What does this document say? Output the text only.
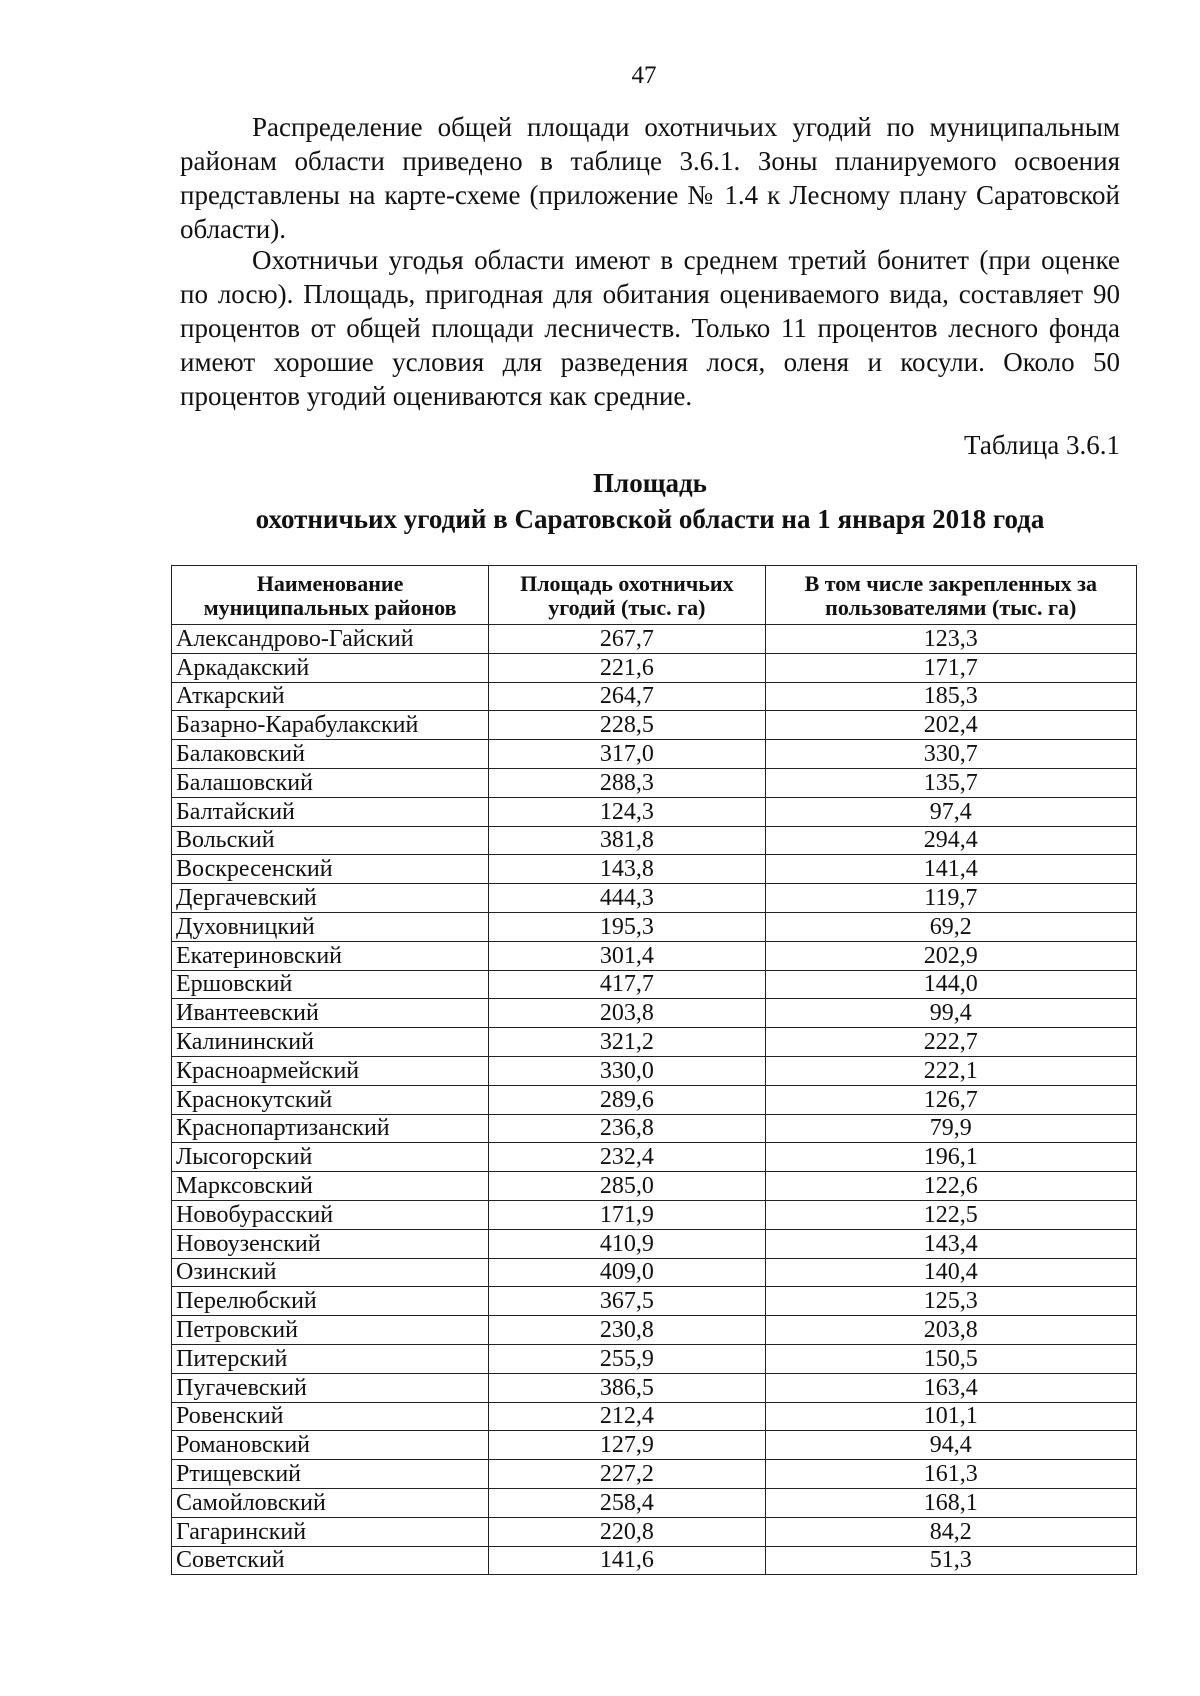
47

Распределение общей площади охотничьих угодий по муниципальным районам области приведено в таблице 3.6.1. Зоны планируемого освоения представлены на карте-схеме (приложение № 1.4 к Лесному плану Саратовской области).

Охотничьи угодья области имеют в среднем третий бонитет (при оценке по лосю). Площадь, пригодная для обитания оцениваемого вида, составляет 90 процентов от общей площади лесничеств. Только 11 процентов лесного фонда имеют хорошие условия для разведения лося, оленя и косули. Около 50 процентов угодий оцениваются как средние.

Таблица 3.6.1
Площадь
охотничьих угодий в Саратовской области на 1 января 2018 года
Наименование муниципальных районов	Площадь охотничьих угодий (тыс. га)	В том числе закрепленных за пользователями (тыс. га)
Александрово-Гайский	267,7	123,3
Аркадакский	221,6	171,7
Аткарский	264,7	185,3
Базарно-Карабулакский	228,5	202,4
Балаковский	317,0	330,7
Балашовский	288,3	135,7
Балтайский	124,3	97,4
Вольский	381,8	294,4
Воскресенский	143,8	141,4
Дергачевский	444,3	119,7
Духовницкий	195,3	69,2
Екатериновский	301,4	202,9
Ершовский	417,7	144,0
Ивантеевский	203,8	99,4
Калининский	321,2	222,7
Красноармейский	330,0	222,1
Краснокутский	289,6	126,7
Краснопартизанский	236,8	79,9
Лысогорский	232,4	196,1
Марксовский	285,0	122,6
Новобурасский	171,9	122,5
Новоузенский	410,9	143,4
Озинский	409,0	140,4
Перелюбский	367,5	125,3
Петровский	230,8	203,8
Питерский	255,9	150,5
Пугачевский	386,5	163,4
Ровенский	212,4	101,1
Романовский	127,9	94,4
Ртищевский	227,2	161,3
Самойловский	258,4	168,1
Гагаринский	220,8	84,2
Советский	141,6	51,3
